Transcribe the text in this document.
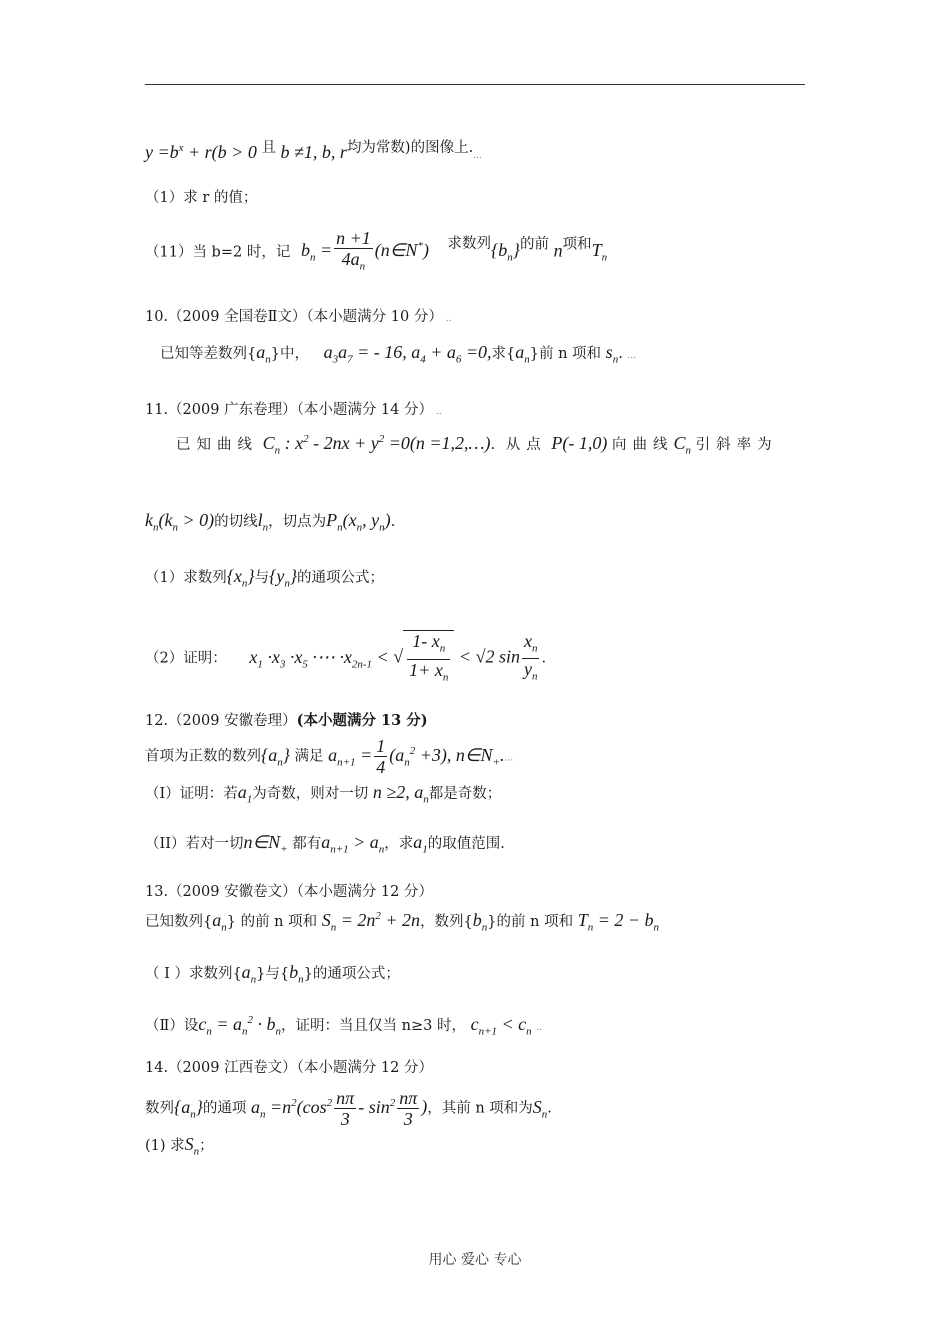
$y =b^x + r(b > 0$ 且 b ≠1, b, r均为常数)的图像上....
（1）求 r 的值；
（11）当 b=2 时，记 $b_n = \frac{n +1}{4a_n}$ (n∈N*) 求数列$\{b_n\}$的前 n项和$T_n$
10.（2009 全国卷Ⅱ文）（本小题满分 10 分） ..
已知等差数列$\{a_n\}$中， $a_3a_7$ = - 16, $a_4 + a_6 =0$,求$\{a_n\}$前 n 项和 $s_n$. ...
11.（2009 广东卷理）（本小题满分 14 分） ..
已知曲线 $C_n$ : $x^2 - 2nx + y^2 =0(n$ =1,2,…). 从点 P(- 1,0) 向曲线$C_n$ 引斜率为
$k_n(k_n > 0)$的切线$l_n$，切点为$P_n(x_n$, $y_n$).
（1）求数列$\{x_n\}$与$\{y_n\}$的通项公式；
（2）证明： $x_1 \cdot x_3 \cdot x_5$ ·⋯ $\cdot x_{2n-1}$ < √ $\frac{1- x_n}{1+ x_n} < √2$ $\sin \frac{x_n}{y_n}$ .
12.（2009 安徽卷理）(本小题满分 13 分)
首项为正数的数列$\{a_n\}$ 满足 $a_{n+1} = \frac{1}{4} (a_n^2 +3)$, $n\in N_+$....
（I）证明：若$a_1$为奇数，则对一切 n ≥2, $a_n$都是奇数；
（II）若对一切$n\in N_+$ 都有$a_{n+1} > a_n$，求$a_1$的取值范围.
13.（2009 安徽卷文）（本小题满分 12 分）
已知数列$\{a_n\}$ 的前 n 项和 $S_n = 2n^2 + 2n$，数列$\{b_n\}$的前 n 项和 $T_n = 2 - b_n$
（ Ⅰ ）求数列$\{a_n\}$与$\{b_n\}$的通项公式；
（Ⅱ）设$c_n = a_n^2 \cdot b_n$，证明：当且仅当 n≥3 时， $c_{n+1} < c_n$ ..
14.（2009 江西卷文）（本小题满分 12 分）
数列$\{a_n\}$的通项 $a_n =n^2(\cos^2 \frac{n\pi}{3} - \sin^2 \frac{n\pi}{3}$ )，其前 n 项和为$S_n$.
(1) 求$S_n$；
用心 爱心 专心
